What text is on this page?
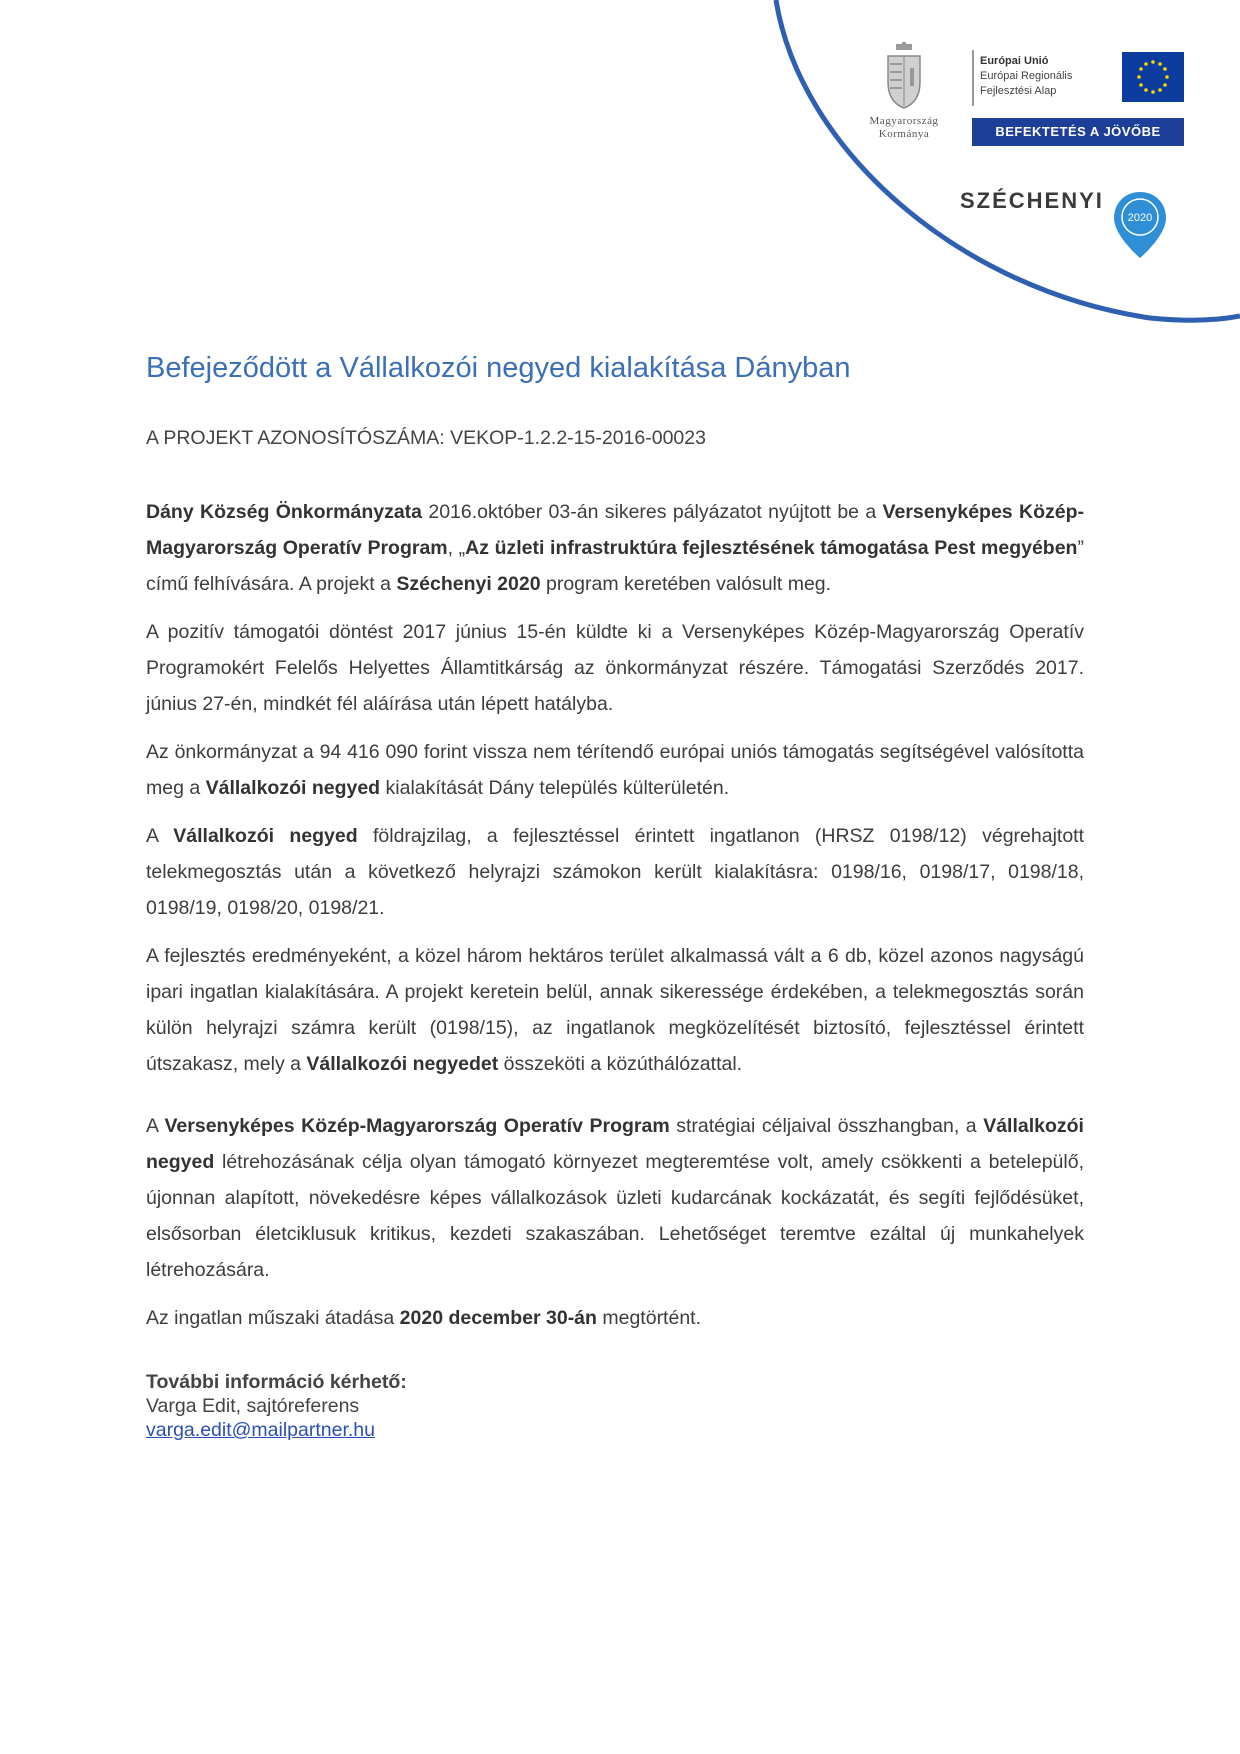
Magyarország
Kormánya
Európai Unió
Európai Regionális
Fejlesztési Alap
BEFEKTETÉS A JÖVŐBE
SZÉCHENYI
2020
Befejeződött a Vállalkozói negyed kialakítása Dányban
A PROJEKT AZONOSÍTÓSZÁMA: VEKOP-1.2.2-15-2016-00023

Dány Község Önkormányzata 2016.október 03-án sikeres pályázatot nyújtott be a Versenyképes Közép-Magyarország Operatív Program, „Az üzleti infrastruktúra fejlesztésének támogatása Pest megyében” című felhívására. A projekt a Széchenyi 2020 program keretében valósult meg.

A pozitív támogatói döntést 2017 június 15-én küldte ki a Versenyképes Közép-Magyarország Operatív Programokért Felelős Helyettes Államtitkárság az önkormányzat részére. Támogatási Szerződés 2017. június 27-én, mindkét fél aláírása után lépett hatályba.

Az önkormányzat a 94 416 090 forint vissza nem térítendő európai uniós támogatás segítségével valósította meg a Vállalkozói negyed kialakítását Dány település külterületén.

A Vállalkozói negyed földrajzilag, a fejlesztéssel érintett ingatlanon (HRSZ 0198/12) végrehajtott telekmegosztás után a következő helyrajzi számokon került kialakításra: 0198/16, 0198/17, 0198/18, 0198/19, 0198/20, 0198/21.

A fejlesztés eredményeként, a közel három hektáros terület alkalmassá vált a 6 db, közel azonos nagyságú ipari ingatlan kialakítására. A projekt keretein belül, annak sikeressége érdekében, a telekmegosztás során külön helyrajzi számra került (0198/15), az ingatlanok megközelítését biztosító, fejlesztéssel érintett útszakasz, mely a Vállalkozói negyedet összeköti a közúthálózattal.

A Versenyképes Közép-Magyarország Operatív Program stratégiai céljaival összhangban, a Vállalkozói negyed létrehozásának célja olyan támogató környezet megteremtése volt, amely csökkenti a betelepülő, újonnan alapított, növekedésre képes vállalkozások üzleti kudarcának kockázatát, és segíti fejlődésüket, elsősorban életciklusuk kritikus, kezdeti szakaszában. Lehetőséget teremtve ezáltal új munkahelyek létrehozására.

Az ingatlan műszaki átadása 2020 december 30-án megtörtént.

További információ kérhető:
Varga Edit, sajtóreferens
varga.edit@mailpartner.hu
